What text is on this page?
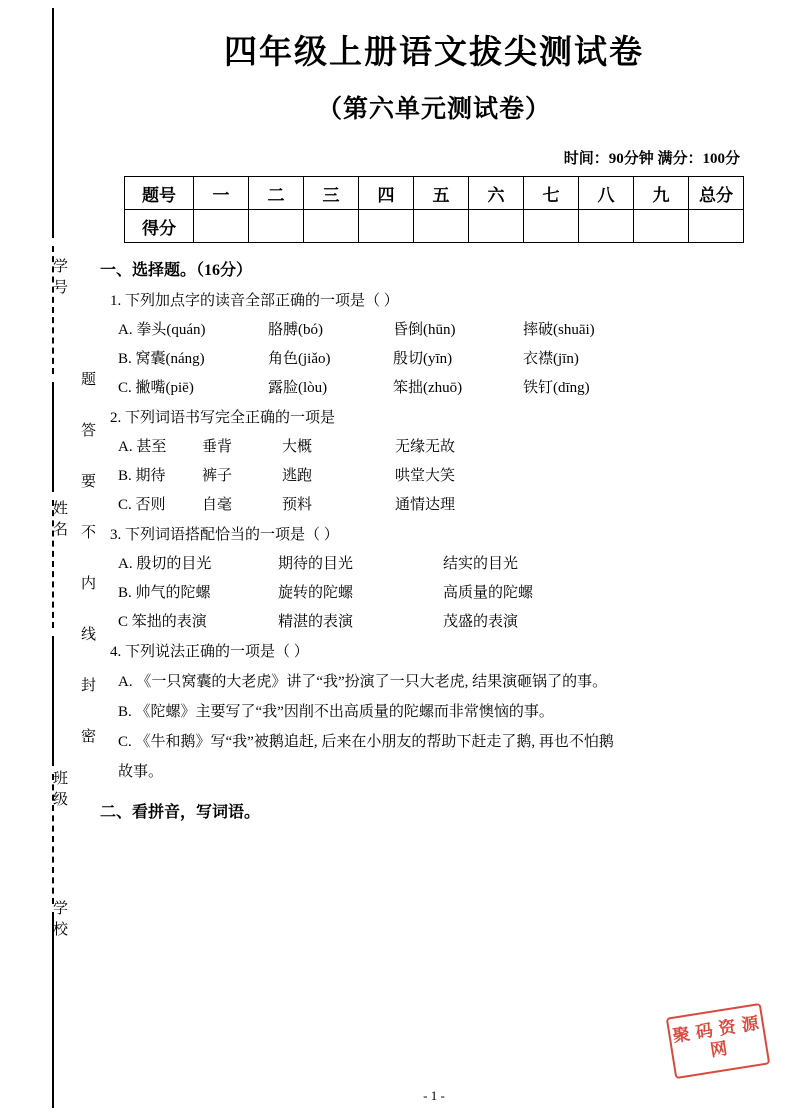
学号
姓名
班级
学校
题 答 要 不 内 线 封 密
四年级上册语文拔尖测试卷
（第六单元测试卷）
时间：90分钟 满分：100分
题号	一	二	三	四	五	六	七	八	九	总分
得分										
一、选择题。（16分）
1. 下列加点字的读音全部正确的一项是（ ）
A. 拳头(quán)	胳膊(bó)	昏倒(hūn)	摔破(shuāi)
B. 窝囊(náng)	角色(jiǎo)	殷切(yīn)	衣襟(jīn)
C. 撇嘴(piē)	露脸(lòu)	笨拙(zhuō)	铁钉(dīng)
2. 下列词语书写完全正确的一项是
A. 甚至	垂背	大概	无缘无故
B. 期待	裤子	逃跑	哄堂大笑
C. 否则	自毫	预料	通情达理
3. 下列词语搭配恰当的一项是（ ）
A. 殷切的目光	期待的目光	结实的目光
B. 帅气的陀螺	旋转的陀螺	高质量的陀螺
C 笨拙的表演	精湛的表演	茂盛的表演
4. 下列说法正确的一项是（ ）
A. 《一只窝囊的大老虎》讲了“我”扮演了一只大老虎, 结果演砸锅了的事。
B. 《陀螺》主要写了“我”因削不出高质量的陀螺而非常懊恼的事。
C. 《牛和鹅》写“我”被鹅追赶, 后来在小朋友的帮助下赶走了鹅, 再也不怕鹅
故事。
二、看拼音，写词语。
聚 码 资 源 网
- 1 -
